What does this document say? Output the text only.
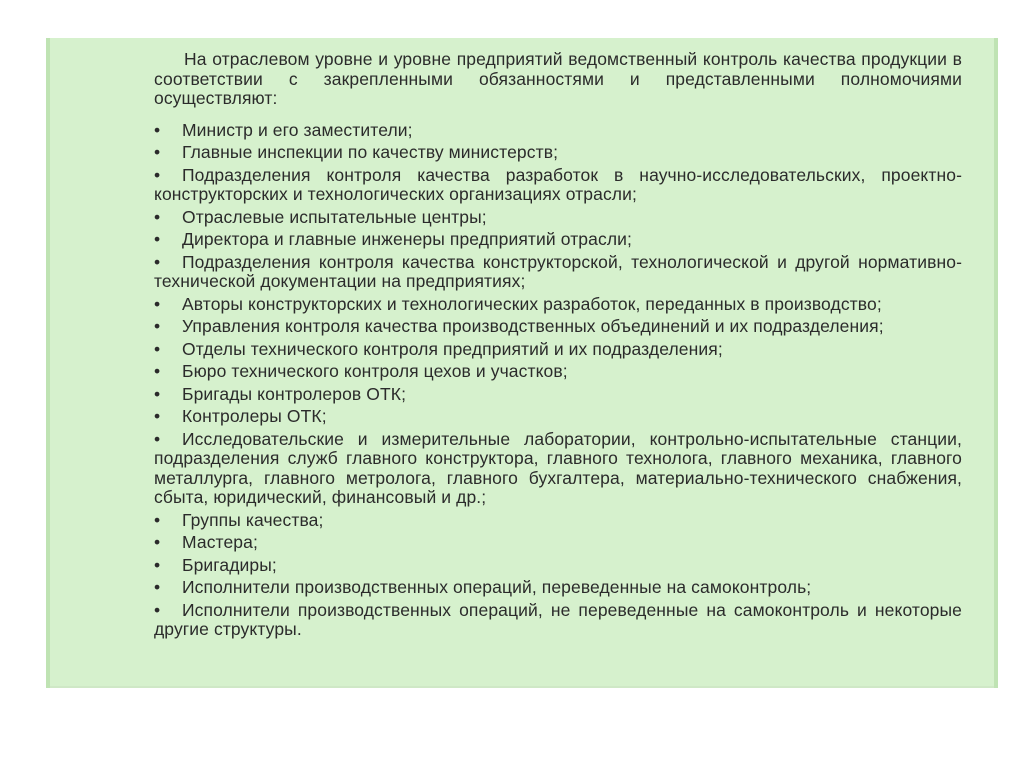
На отраслевом уровне и уровне предприятий ведомственный контроль качества продукции в соответствии с закрепленными обязанностями и представленными полномочиями осуществляют:

• Министр и его заместители;
• Главные инспекции по качеству министерств;
• Подразделения контроля качества разработок в научно-исследовательских, проектно-конструкторских и технологических организациях отрасли;
• Отраслевые испытательные центры;
• Директора и главные инженеры предприятий отрасли;
• Подразделения контроля качества конструкторской, технологической и другой нормативно-технической документации на предприятиях;
• Авторы конструкторских и технологических разработок, переданных в производство;
• Управления контроля качества производственных объединений и их подразделения;
• Отделы технического контроля предприятий и их подразделения;
• Бюро технического контроля цехов и участков;
• Бригады контролеров ОТК;
• Контролеры ОТК;
• Исследовательские и измерительные лаборатории, контрольно-испытательные станции, подразделения служб главного конструктора, главного технолога, главного механика, главного металлурга, главного метролога, главного бухгалтера, материально-технического снабжения, сбыта, юридический, финансовый и др.;
• Группы качества;
• Мастера;
• Бригадиры;
• Исполнители производственных операций, переведенные на самоконтроль;
• Исполнители производственных операций, не переведенные на самоконтроль и некоторые другие структуры.
